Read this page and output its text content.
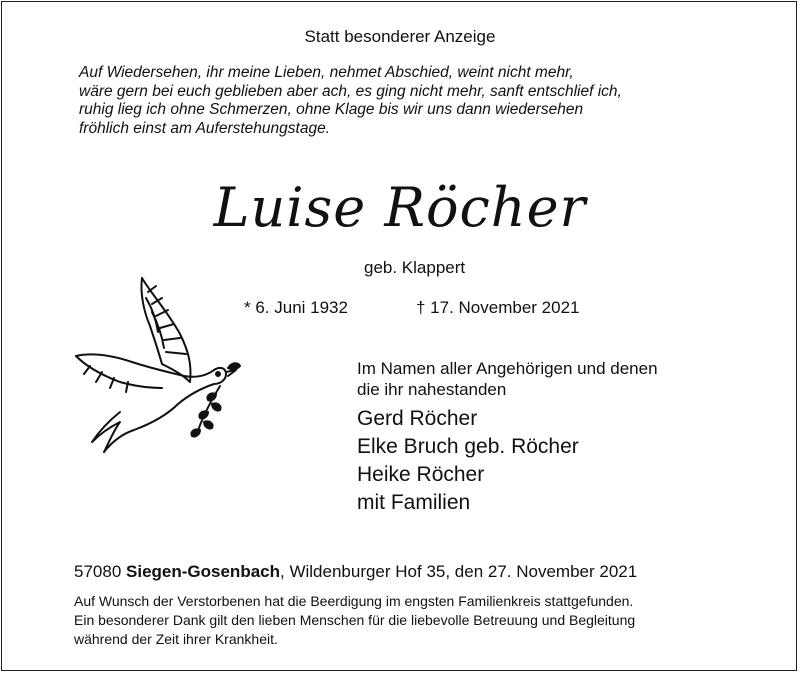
Statt besonderer Anzeige
Auf Wiedersehen, ihr meine Lieben, nehmet Abschied, weint nicht mehr,
wäre gern bei euch geblieben aber ach, es ging nicht mehr, sanft entschlief ich,
ruhig lieg ich ohne Schmerzen, ohne Klage bis wir uns dann wiedersehen
fröhlich einst am Auferstehungstage.
Luise Röcher
geb. Klappert
* 6. Juni 1932	† 17. November 2021
Im Namen aller Angehörigen und denen
die ihr nahestanden
Gerd Röcher
Elke Bruch geb. Röcher
Heike Röcher
mit Familien
57080 Siegen-Gosenbach, Wildenburger Hof 35, den 27. November 2021
Auf Wunsch der Verstorbenen hat die Beerdigung im engsten Familienkreis stattgefunden.
Ein besonderer Dank gilt den lieben Menschen für die liebevolle Betreuung und Begleitung
während der Zeit ihrer Krankheit.
